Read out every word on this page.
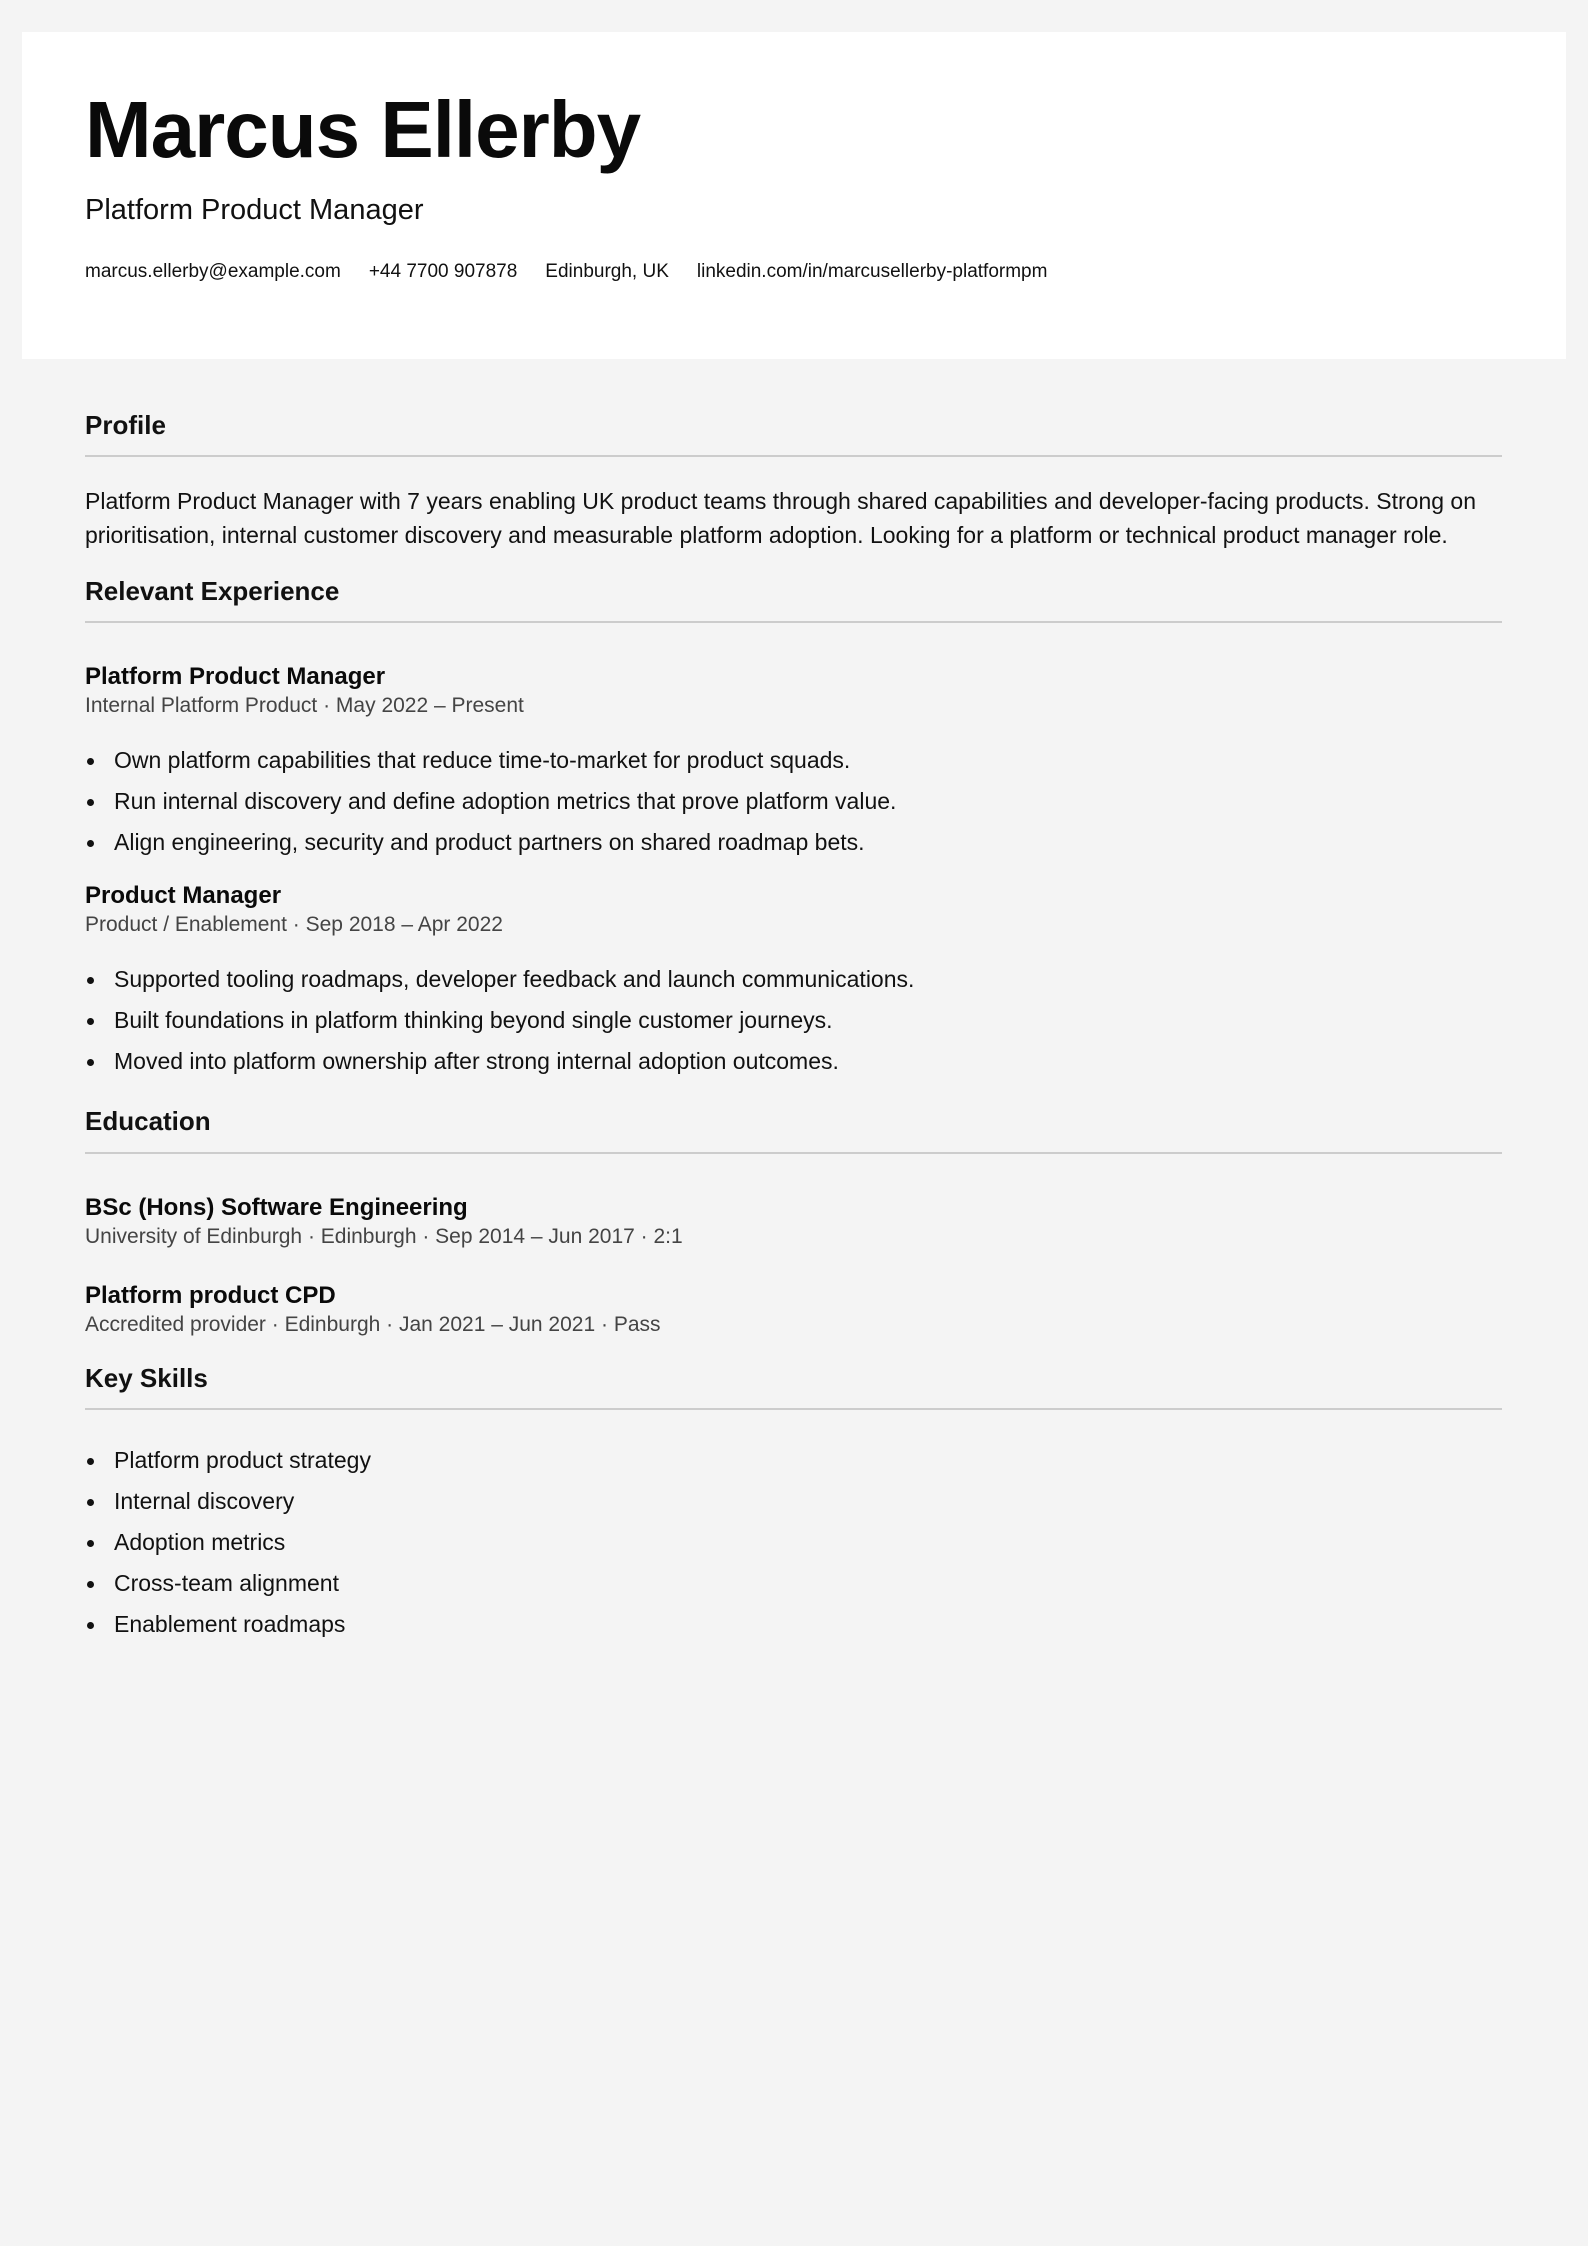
Marcus Ellerby
Platform Product Manager
marcus.ellerby@example.com +44 7700 907878 Edinburgh, UK linkedin.com/in/marcusellerby-platformpm
Profile

Platform Product Manager with 7 years enabling UK product teams through shared capabilities and developer-facing products. Strong on prioritisation, internal customer discovery and measurable platform adoption. Looking for a platform or technical product manager role.

Relevant Experience
Platform Product Manager
Internal Platform Product · May 2022 – Present
Own platform capabilities that reduce time-to-market for product squads.
Run internal discovery and define adoption metrics that prove platform value.
Align engineering, security and product partners on shared roadmap bets.
Product Manager
Product / Enablement · Sep 2018 – Apr 2022
Supported tooling roadmaps, developer feedback and launch communications.
Built foundations in platform thinking beyond single customer journeys.
Moved into platform ownership after strong internal adoption outcomes.
Education
BSc (Hons) Software Engineering
University of Edinburgh · Edinburgh · Sep 2014 – Jun 2017 · 2:1
Platform product CPD
Accredited provider · Edinburgh · Jan 2021 – Jun 2021 · Pass
Key Skills
Platform product strategy
Internal discovery
Adoption metrics
Cross-team alignment
Enablement roadmaps
